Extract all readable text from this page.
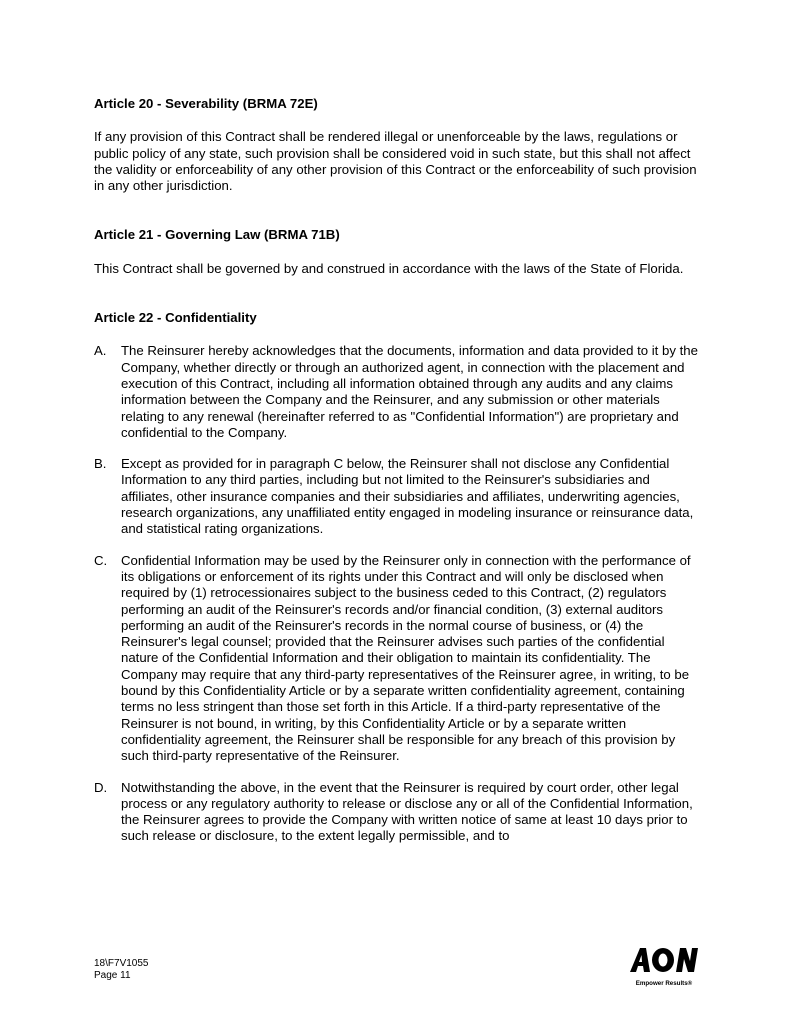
Article 20 - Severability (BRMA 72E)

If any provision of this Contract shall be rendered illegal or unenforceable by the laws, regulations or public policy of any state, such provision shall be considered void in such state, but this shall not affect the validity or enforceability of any other provision of this Contract or the enforceability of such provision in any other jurisdiction.

Article 21 - Governing Law (BRMA 71B)

This Contract shall be governed by and construed in accordance with the laws of the State of Florida.

Article 22 - Confidentiality

A.	The Reinsurer hereby acknowledges that the documents, information and data provided to it by the Company, whether directly or through an authorized agent, in connection with the placement and execution of this Contract, including all information obtained through any audits and any claims information between the Company and the Reinsurer, and any submission or other materials relating to any renewal (hereinafter referred to as "Confidential Information") are proprietary and confidential to the Company.
B.	Except as provided for in paragraph C below, the Reinsurer shall not disclose any Confidential Information to any third parties, including but not limited to the Reinsurer's subsidiaries and affiliates, other insurance companies and their subsidiaries and affiliates, underwriting agencies, research organizations, any unaffiliated entity engaged in modeling insurance or reinsurance data, and statistical rating organizations.
C.	Confidential Information may be used by the Reinsurer only in connection with the performance of its obligations or enforcement of its rights under this Contract and will only be disclosed when required by (1) retrocessionaires subject to the business ceded to this Contract, (2) regulators performing an audit of the Reinsurer's records and/or financial condition, (3) external auditors performing an audit of the Reinsurer's records in the normal course of business, or (4) the Reinsurer's legal counsel; provided that the Reinsurer advises such parties of the confidential nature of the Confidential Information and their obligation to maintain its confidentiality. The Company may require that any third-party representatives of the Reinsurer agree, in writing, to be bound by this Confidentiality Article or by a separate written confidentiality agreement, containing terms no less stringent than those set forth in this Article. If a third-party representative of the Reinsurer is not bound, in writing, by this Confidentiality Article or by a separate written confidentiality agreement, the Reinsurer shall be responsible for any breach of this provision by such third-party representative of the Reinsurer.
D.	Notwithstanding the above, in the event that the Reinsurer is required by court order, other legal process or any regulatory authority to release or disclose any or all of the Confidential Information, the Reinsurer agrees to provide the Company with written notice of same at least 10 days prior to such release or disclosure, to the extent legally permissible, and to
18\F7V1055
Page 11
Empower Results®
